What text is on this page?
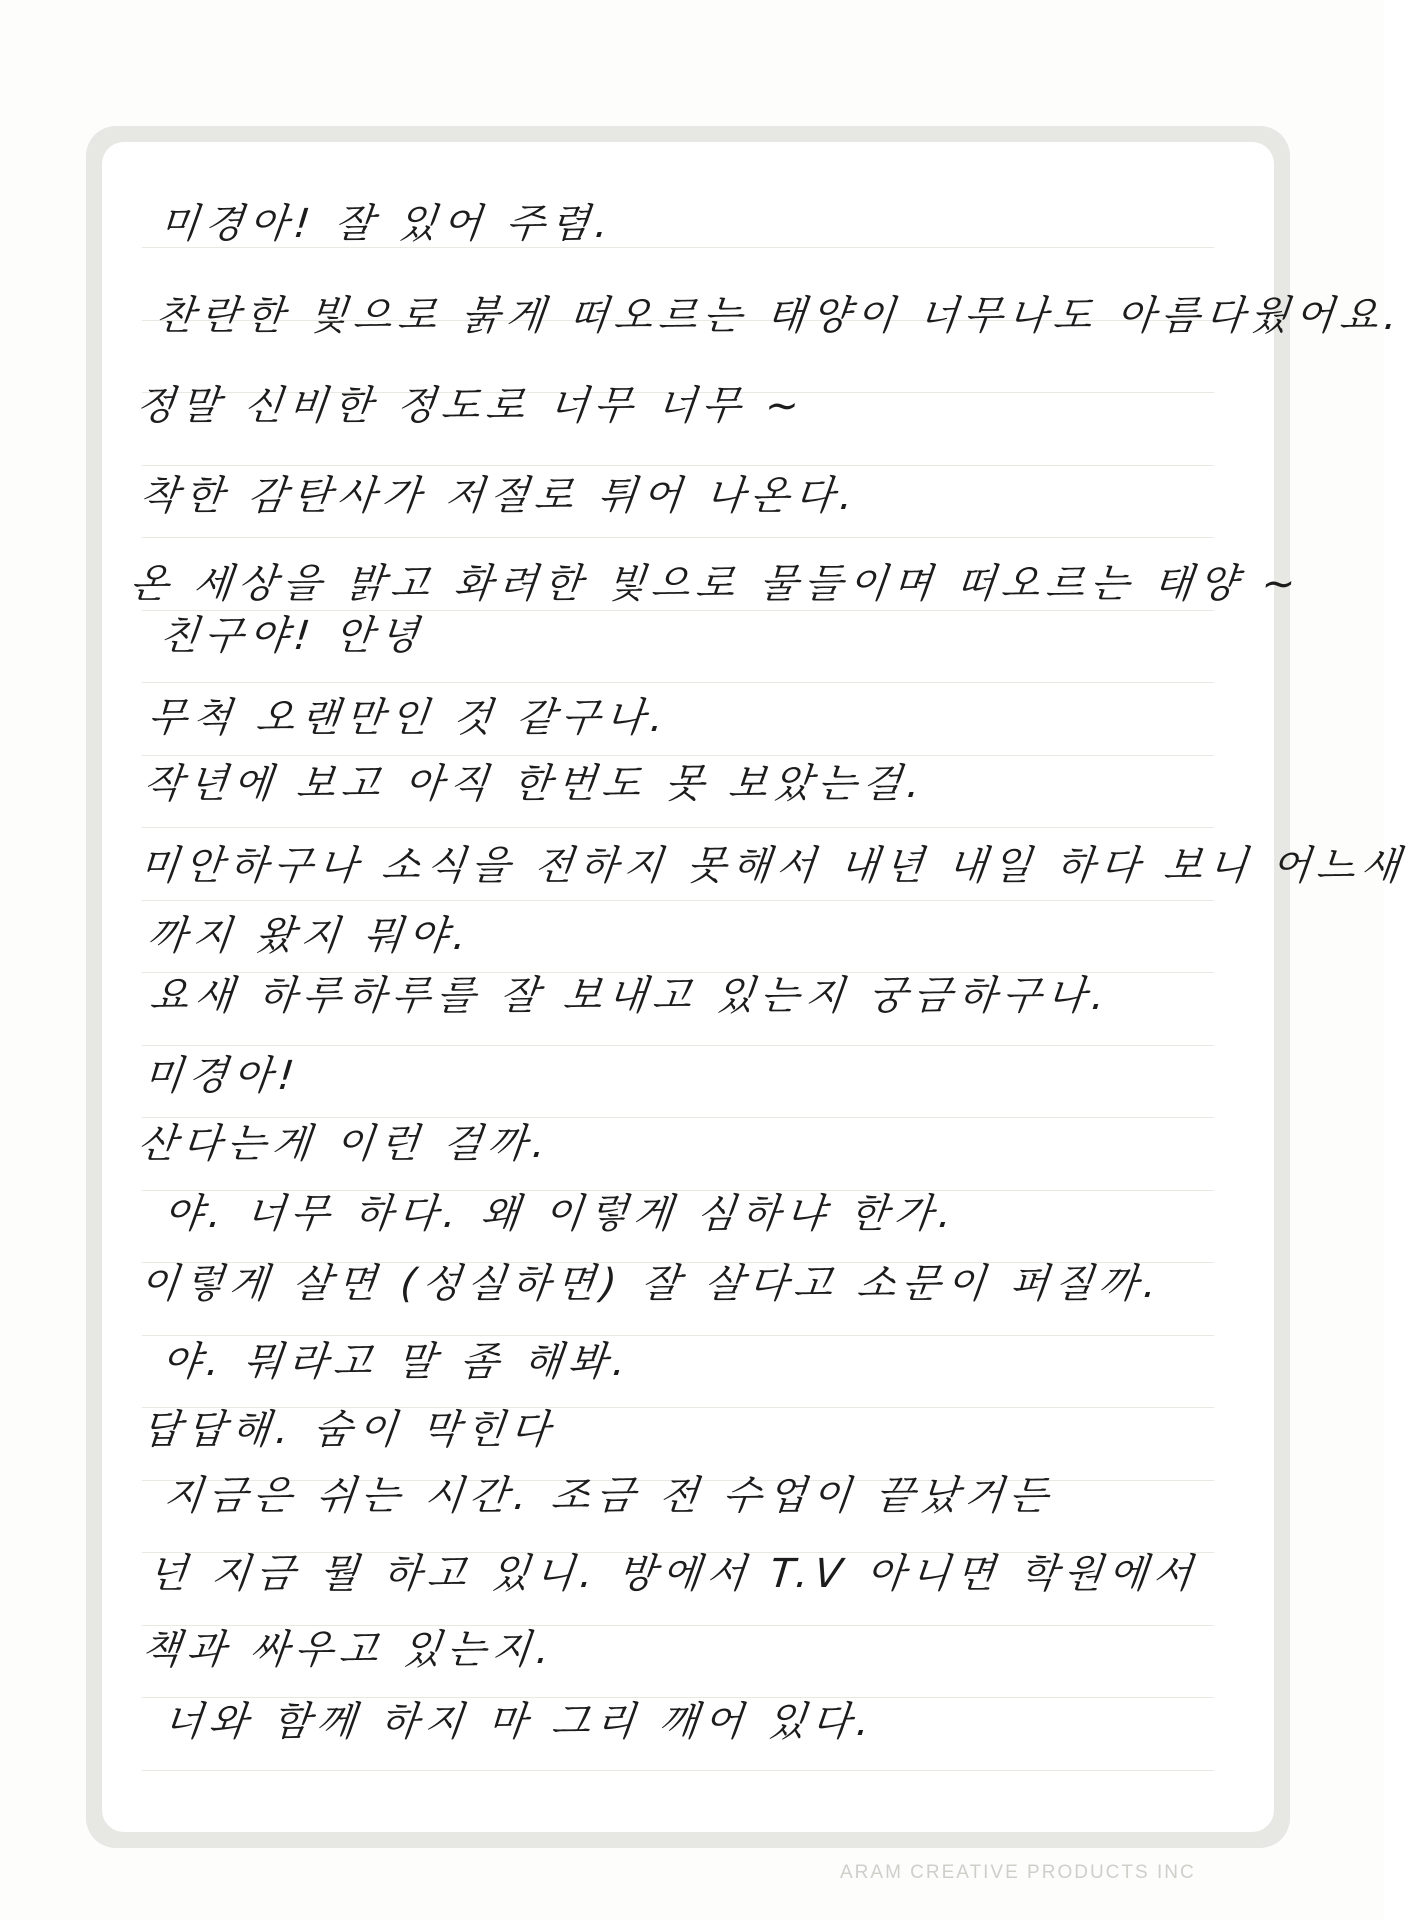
미경아! 잘 있어 주렴.
찬란한 빛으로 붉게 떠오르는 태양이 너무나도 아름다웠어요.
정말 신비한 정도로 너무 너무 ~
착한 감탄사가 저절로 튀어 나온다.
온 세상을 밝고 화려한 빛으로 물들이며 떠오르는 태양 ~
친구야! 안녕
무척 오랜만인 것 같구나.
작년에 보고 아직 한번도 못 보았는걸.
미안하구나 소식을 전하지 못해서 내년 내일 하다 보니 어느새
까지 왔지 뭐야.
요새 하루하루를 잘 보내고 있는지 궁금하구나.
미경아!
산다는게 이런 걸까.
야. 너무 하다. 왜 이렇게 심하냐 한가.
이렇게 살면 (성실하면) 잘 살다고 소문이 퍼질까.
야. 뭐라고 말 좀 해봐.
답답해. 숨이 막힌다
지금은 쉬는 시간. 조금 전 수업이 끝났거든
넌 지금 뭘 하고 있니. 방에서 T.V 아니면 학원에서
책과 싸우고 있는지.
너와 함께 하지 마 그리 깨어 있다.
ARAM CREATIVE PRODUCTS INC
